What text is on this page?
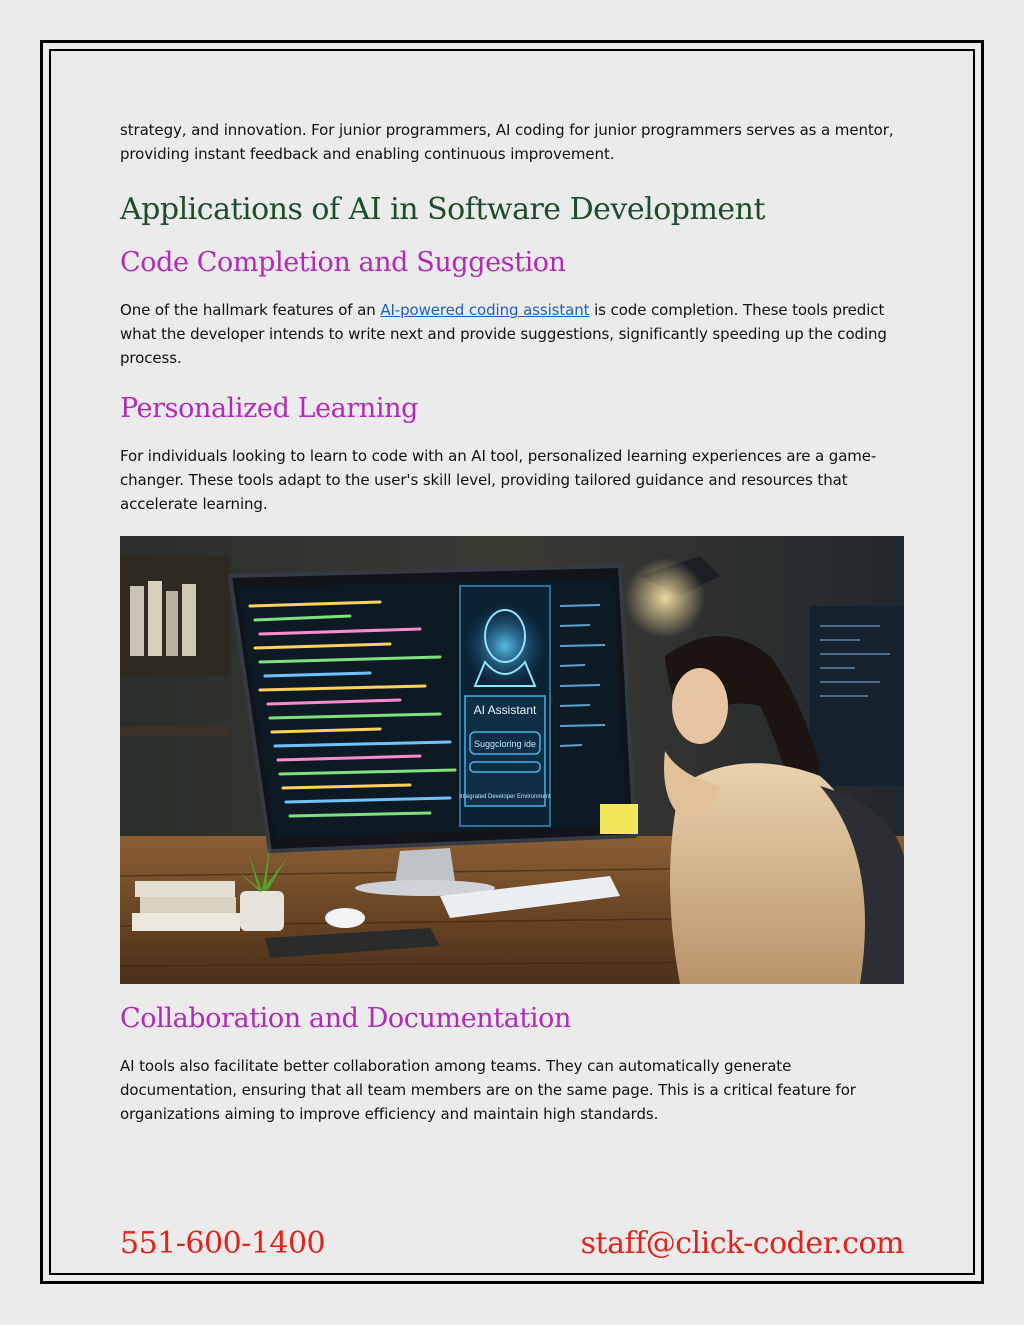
strategy, and innovation. For junior programmers, AI coding for junior programmers serves as a mentor, providing instant feedback and enabling continuous improvement.

Applications of AI in Software Development
Code Completion and Suggestion

One of the hallmark features of an AI-powered coding assistant is code completion. These tools predict what the developer intends to write next and provide suggestions, significantly speeding up the coding process.

Personalized Learning

For individuals looking to learn to code with an AI tool, personalized learning experiences are a game-changer. These tools adapt to the user's skill level, providing tailored guidance and resources that accelerate learning.

AI Assistant
Suggcloring ide
Integrated Developer Environment
Collaboration and Documentation

AI tools also facilitate better collaboration among teams. They can automatically generate documentation, ensuring that all team members are on the same page. This is a critical feature for organizations aiming to improve efficiency and maintain high standards.

551-600-1400	staff@click-coder.com
